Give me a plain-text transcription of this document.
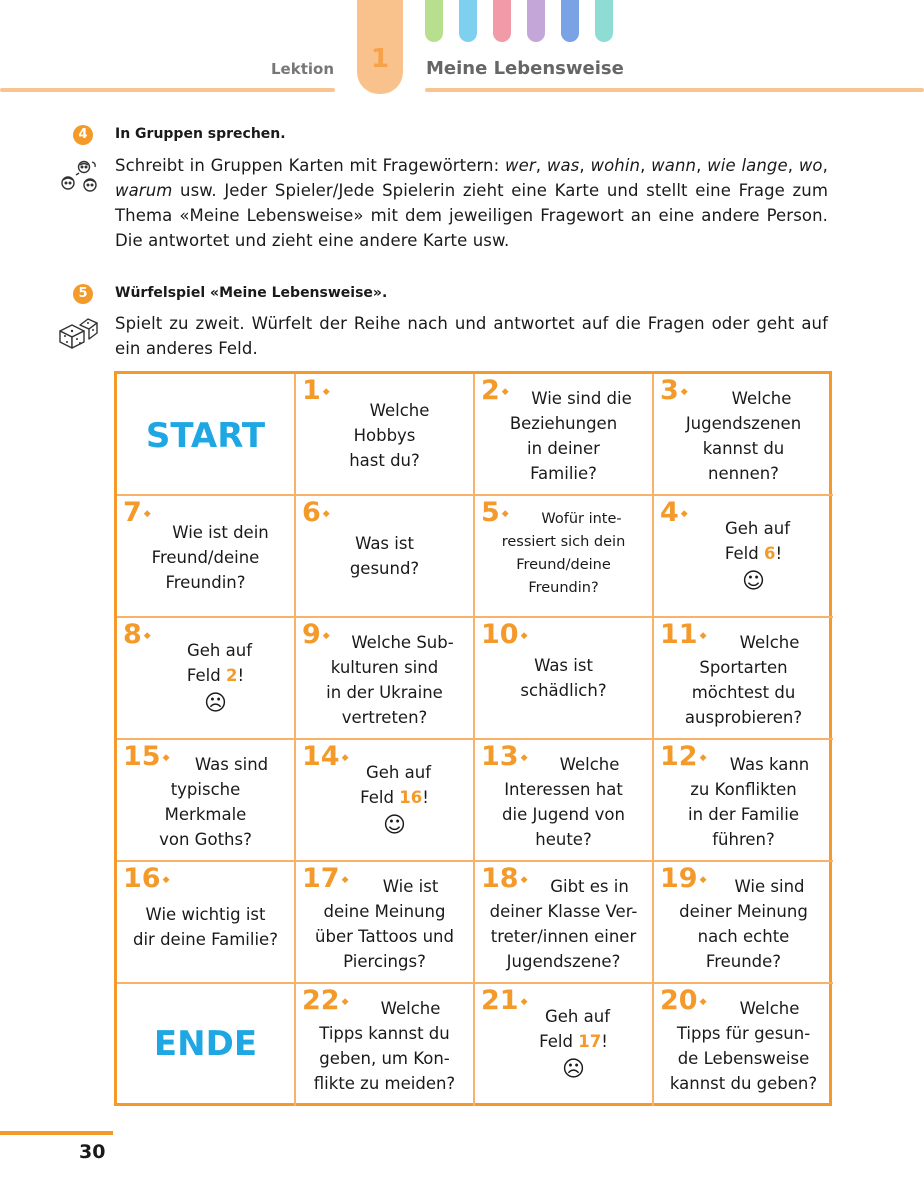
Lektion	1	Meine Lebensweise
4	In Gruppen sprechen.
Schreibt in Gruppen Karten mit Fragewörtern: wer, was, wohin, wann, wie lange, wo, warum usw. Jeder Spieler/Jede Spielerin zieht eine Karte und stellt eine Frage zum Thema «Meine Lebensweise» mit dem jeweiligen Fragewort an eine andere Person. Die antwortet und zieht eine andere Karte usw.
5	Würfelspiel «Meine Lebensweise».
Spielt zu zweit. Würfelt der Reihe nach und antwortet auf die Fragen oder geht auf ein anderes Feld.
START
ENDE
1 ◆
Welche
Hobbys
hast du?
2 ◆	Wie sind die
Beziehungen
in deiner
Familie?
3 ◆	Welche
Jugendszenen
kannst du
nennen?
7 ◆
Wie ist dein
Freund/deine
Freundin?
6 ◆
Was ist
gesund?
5 ◆	Wofür inte-
ressiert sich dein
Freund/deine
Freundin?
4 ◆
Geh auf
Feld 6!
☺
8 ◆
Geh auf
Feld 2!
☹
9 ◆	Welche Sub-
kulturen sind
in der Ukraine
vertreten?
10 ◆
Was ist
schädlich?
11 ◆	Welche
Sportarten
möchtest du
ausprobieren?
15 ◆	Was sind
typische
Merkmale
von Goths?
14 ◆
Geh auf
Feld 16!
☺
13 ◆	Welche
Interessen hat
die Jugend von
heute?
12 ◆	Was kann
zu Konflikten
in der Familie
führen?
16 ◆
Wie wichtig ist
dir deine Familie?
17 ◆	Wie ist
deine Meinung
über Tattoos und
Piercings?
18 ◆	Gibt es in
deiner Klasse Ver-
treter/innen einer
Jugendszene?
19 ◆	Wie sind
deiner Meinung
nach echte
Freunde?
22 ◆	Welche
Tipps kannst du
geben, um Kon-
flikte zu meiden?
21 ◆
Geh auf
Feld 17!
☹
20 ◆	Welche
Tipps für gesun-
de Lebensweise
kannst du geben?
30
